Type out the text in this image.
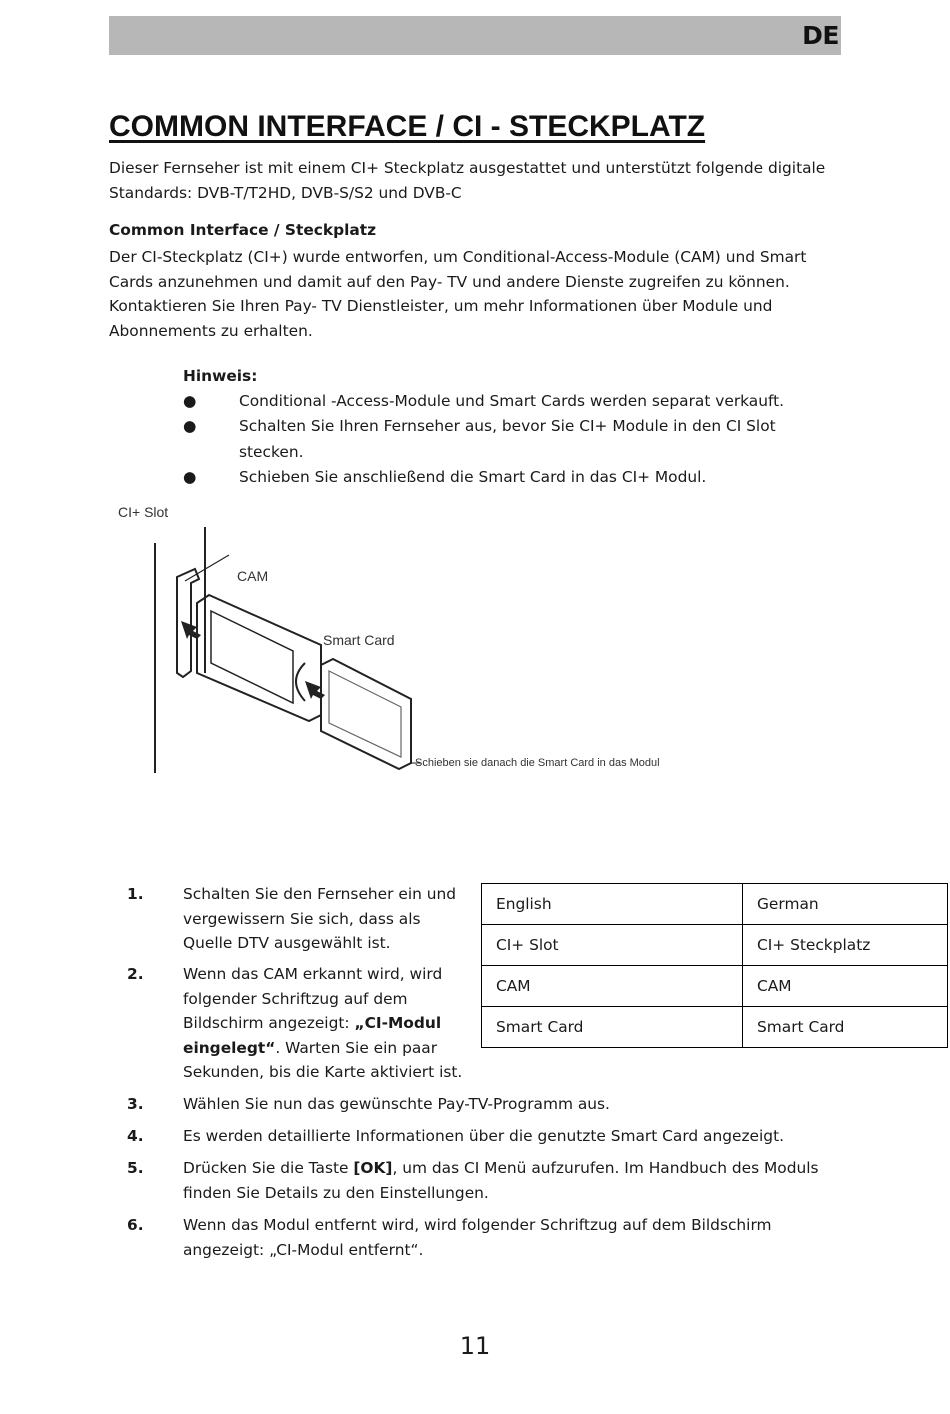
DE
COMMON INTERFACE / CI - STECKPLATZ

Dieser Fernseher ist mit einem CI+ Steckplatz ausgestattet und unterstützt folgende digitale Standards: DVB-T/T2HD, DVB-S/S2 und DVB-C

Common Interface / Steckplatz

Der CI-Steckplatz (CI+) wurde entworfen, um Conditional-Access-Module (CAM) und Smart Cards anzunehmen und damit auf den Pay- TV und andere Dienste zugreifen zu können. Kontaktieren Sie Ihren Pay- TV Dienstleister, um mehr Informationen über Module und Abonnements zu erhalten.

Hinweis:

●	Conditional -Access-Module und Smart Cards werden separat verkauft.
●	Schalten Sie Ihren Fernseher aus, bevor Sie CI+ Module in den CI Slot stecken.
●	Schieben Sie anschließend die Smart Card in das CI+ Modul.
CI+ Slot
CAM
Smart Card
Schieben sie danach die Smart Card in das Modul
English	German
CI+ Slot	CI+ Steckplatz
CAM	CAM
Smart Card	Smart Card
1.	Schalten Sie den Fernseher ein und vergewissern Sie sich, dass als Quelle DTV ausgewählt ist.
2.	Wenn das CAM erkannt wird, wird folgender Schriftzug auf dem Bildschirm angezeigt: „CI-Modul eingelegt“. Warten Sie ein paar Sekunden, bis die Karte aktiviert ist.
3.	Wählen Sie nun das gewünschte Pay-TV-Programm aus.
4.	Es werden detaillierte Informationen über die genutzte Smart Card angezeigt.
5.	Drücken Sie die Taste [OK], um das CI Menü aufzurufen. Im Handbuch des Moduls finden Sie Details zu den Einstellungen.
6.	Wenn das Modul entfernt wird, wird folgender Schriftzug auf dem Bildschirm angezeigt: „CI-Modul entfernt“.
11
